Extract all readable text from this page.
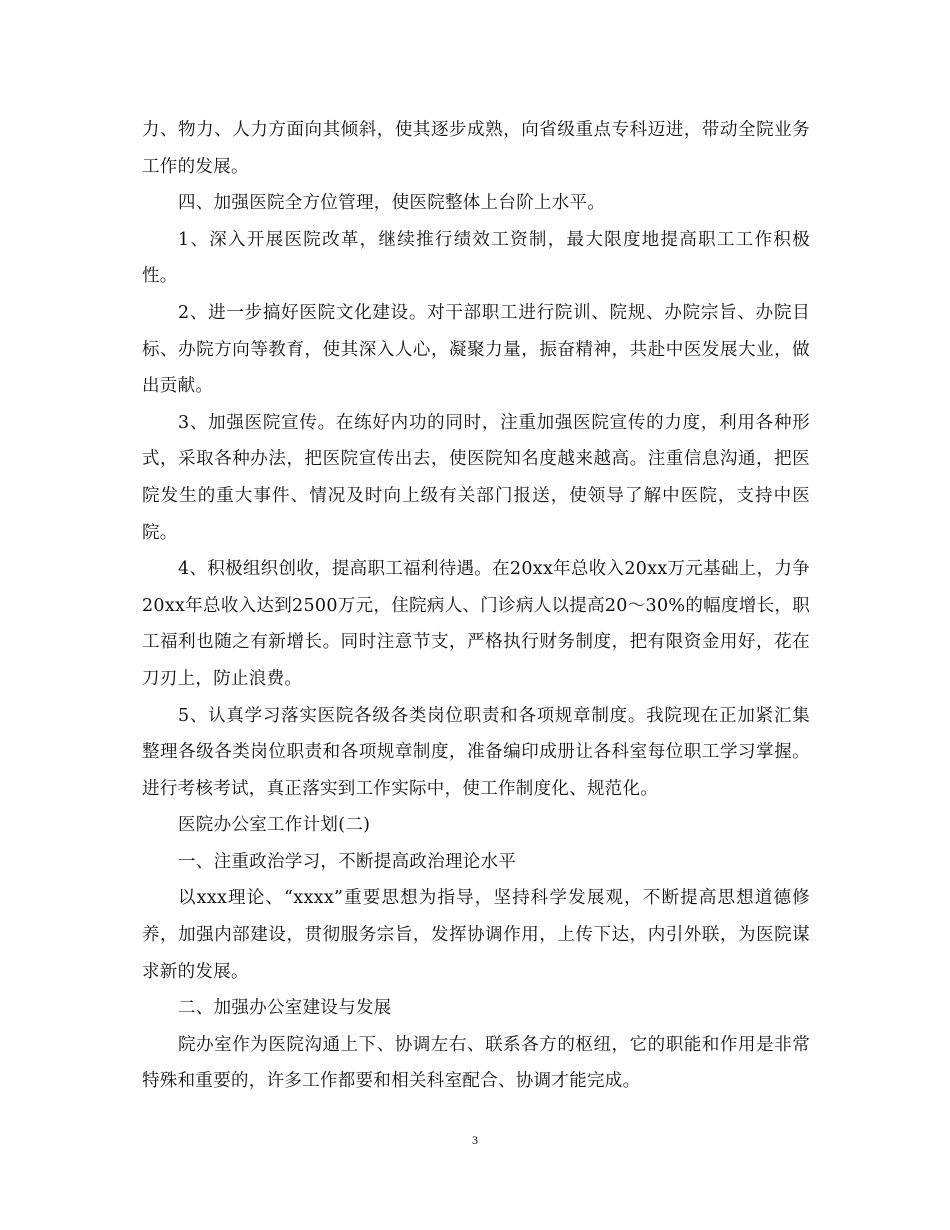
力、物力、人力方面向其倾斜，使其逐步成熟，向省级重点专科迈进，带动全院业务工作的发展。

四、加强医院全方位管理，使医院整体上台阶上水平。

1、深入开展医院改革，继续推行绩效工资制，最大限度地提高职工工作积极性。

2、进一步搞好医院文化建设。对干部职工进行院训、院规、办院宗旨、办院目标、办院方向等教育，使其深入人心，凝聚力量，振奋精神，共赴中医发展大业，做出贡献。

3、加强医院宣传。在练好内功的同时，注重加强医院宣传的力度，利用各种形式，采取各种办法，把医院宣传出去，使医院知名度越来越高。注重信息沟通，把医院发生的重大事件、情况及时向上级有关部门报送，使领导了解中医院，支持中医院。

4、积极组织创收，提高职工福利待遇。在20xx年总收入20xx万元基础上，力争20xx年总收入达到2500万元，住院病人、门诊病人以提高20～30%的幅度增长，职工福利也随之有新增长。同时注意节支，严格执行财务制度，把有限资金用好，花在刀刃上，防止浪费。

5、认真学习落实医院各级各类岗位职责和各项规章制度。我院现在正加紧汇集整理各级各类岗位职责和各项规章制度，准备编印成册让各科室每位职工学习掌握。进行考核考试，真正落实到工作实际中，使工作制度化、规范化。

医院办公室工作计划(二)

一、注重政治学习，不断提高政治理论水平

以xxx理论、“xxxx”重要思想为指导，坚持科学发展观，不断提高思想道德修养，加强内部建设，贯彻服务宗旨，发挥协调作用，上传下达，内引外联，为医院谋求新的发展。

二、加强办公室建设与发展

院办室作为医院沟通上下、协调左右、联系各方的枢纽，它的职能和作用是非常特殊和重要的，许多工作都要和相关科室配合、协调才能完成。

3
